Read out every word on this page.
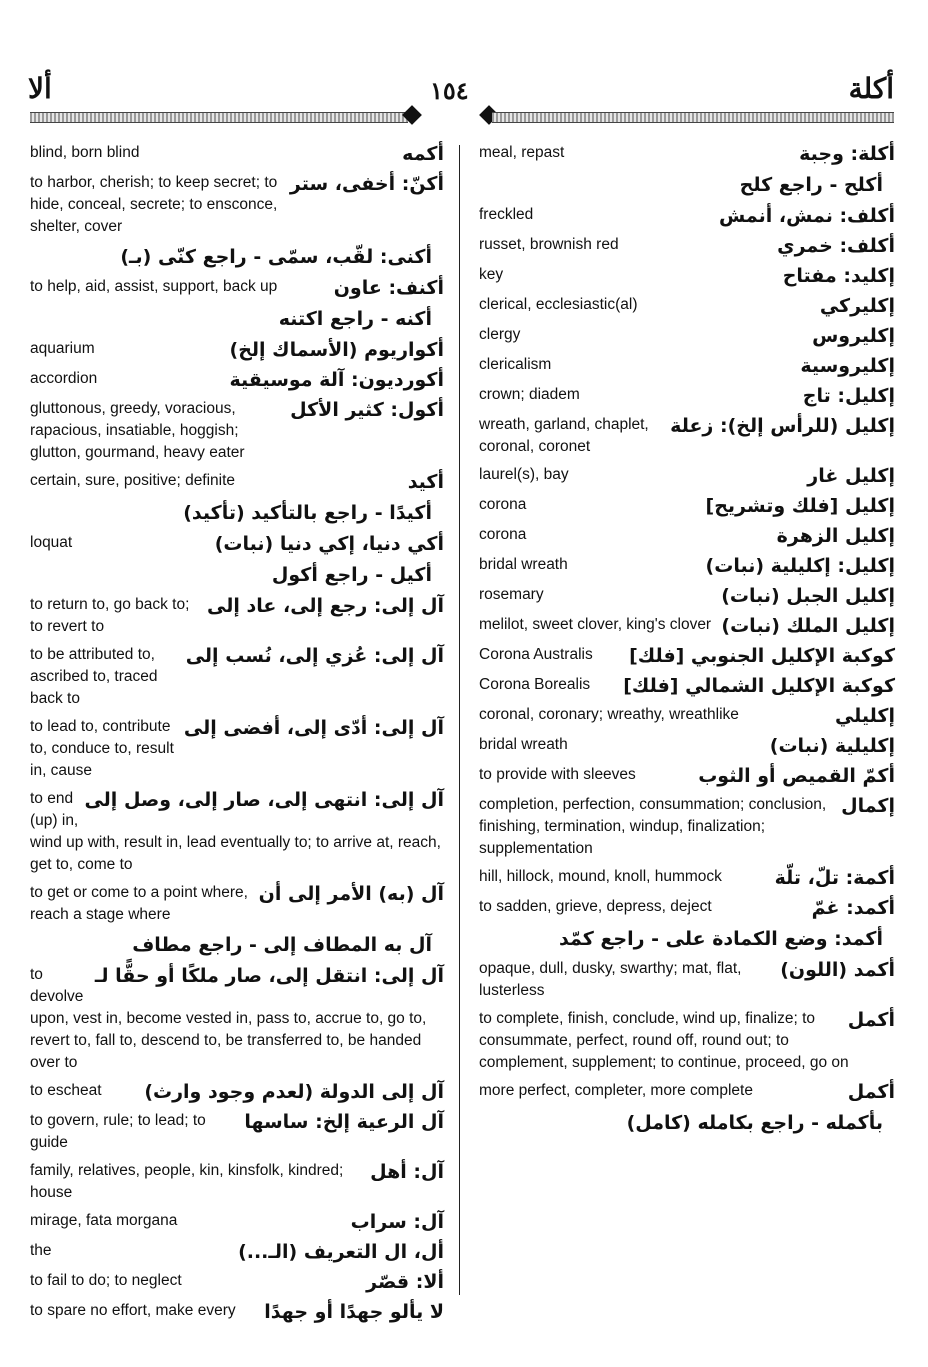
ألا	١٥٤	أكلة
أكمه
blind, born blind
أكنّ: أخفى، ستر
to harbor, cherish; to keep secret; to hide, conceal, secrete; to ensconce, shelter, cover
أكنى: لقّب، سمّى - راجع كنّى (بـ)
أكنف: عاون
to help, aid, assist, support, back up
أكنه - راجع اكتنه
أكواريوم (الأسماك إلخ)
aquarium
أكورديون: آلة موسيقية
accordion
أكول: كثير الأكل
gluttonous, greedy, voracious, rapacious, insatiable, hoggish; glutton, gourmand, heavy eater
أكيد
certain, sure, positive; definite
أكيدًا - راجع بالتأكيد (تأكيد)
أكي دنيا، إكي دنيا (نبات)
loquat
أكيل - راجع أكول
آل إلى: رجع إلى، عاد إلى
to return to, go back to; to revert to
آل إلى: عُزي إلى، نُسب إلى
to be attributed to, ascribed to, traced back to
آل إلى: أدّى إلى، أفضى إلى
to lead to, contribute to, conduce to, result in, cause
آل إلى: انتهى إلى، صار إلى، وصل إلى
to end (up) in, wind up with, result in, lead eventually to; to arrive at, reach, get to, come to
آل (به) الأمر إلى أن
to get or come to a point where, reach a stage where
آل به المطاف إلى - راجع مطاف
آل إلى: انتقل إلى، صار ملكًا أو حقًّا لـ
to devolve upon, vest in, become vested in, pass to, accrue to, go to, revert to, fall to, descend to, be transferred to, be handed over to
آل إلى الدولة (لعدم وجود وارث)
to escheat
آل الرعية إلخ: ساسها
to govern, rule; to lead; to guide
آل: أهل
family, relatives, people, kin, kinsfolk, kindred; house
آل: سراب
mirage, fata morgana
أل، ال التعريف (الـ...)
the
ألا: قصّر
to fail to do; to neglect
لا يألو جهدًا أو جهدًا
to spare no effort, make every
أكلة: وجبة
meal, repast
أكلح - راجع كلح
أكلف: نمش، أنمش
freckled
أكلف: خمري
russet, brownish red
إكليد: مفتاح
key
إكليركي
clerical, ecclesiastic(al)
إكليروس
clergy
إكليروسية
clericalism
إكليل: تاج
crown; diadem
إكليل (للرأس إلخ): زعلة
wreath, garland, chaplet, coronal, coronet
إكليل غار
laurel(s), bay
إكليل [فلك وتشريح]
corona
إكليل الزهرة
corona
إكليل: إكليلية (نبات)
bridal wreath
إكليل الجبل (نبات)
rosemary
إكليل الملك (نبات)
melilot, sweet clover, king's clover
كوكبة الإكليل الجنوبي [فلك]
Corona Australis
كوكبة الإكليل الشمالي [فلك]
Corona Borealis
إكليلي
coronal, coronary; wreathy, wreathlike
إكليلية (نبات)
bridal wreath
أكمّ القميص أو الثوب
to provide with sleeves
إكمال
completion, perfection, consummation; conclusion, finishing, termination, windup, finalization; supplementation
أكمة: تلّ، تلّة
hill, hillock, mound, knoll, hummock
أكمد: غمّ
to sadden, grieve, depress, deject
أكمد: وضع الكمادة على - راجع كمّد
أكمد (اللون)
opaque, dull, dusky, swarthy; mat, flat, lusterless
أكمل
to complete, finish, conclude, wind up, finalize; to consummate, perfect, round off, round out; to complement, supplement; to continue, proceed, go on
أكمل
more perfect, completer, more complete
بأكمله - راجع بكامله (كامل)
